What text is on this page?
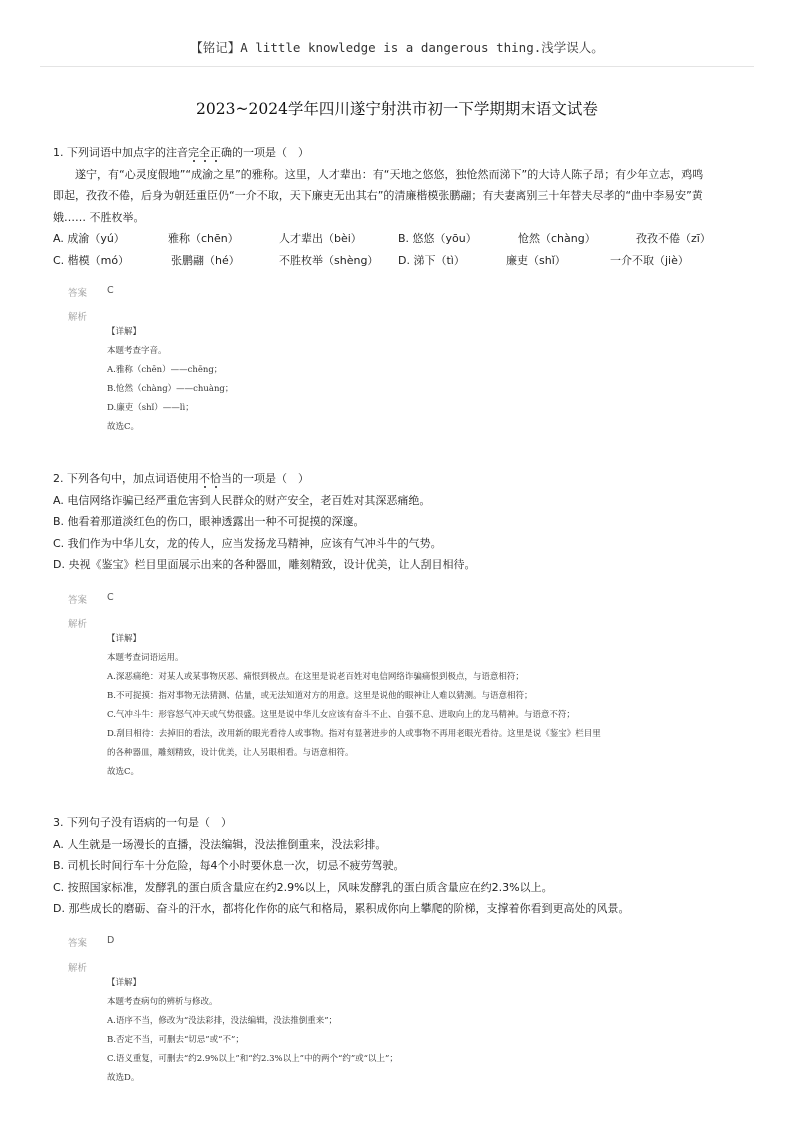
【铭记】A little knowledge is a dangerous thing.浅学误人。
2023~2024学年四川遂宁射洪市初一下学期期末语文试卷

1. 下列词语中加点字的注音完全正确的一项是（　）

遂宁，有“心灵度假地”“成渝之星”的雅称。这里，人才辈出：有“天地之悠悠，独怆然而涕下”的大诗人陈子昂；有少年立志，鸡鸣

即起，孜孜不倦，后身为朝廷重臣仍“一介不取，天下廉吏无出其右”的清廉楷模张鹏翮；有夫妻离别三十年替夫尽孝的“曲中李易安”黄

娥…… 不胜枚举。

A. 成渝（yú）	雅称（chēn）	人才辈出（bèi）	B. 悠悠（yōu）	怆然（chàng）	孜孜不倦（zī）
C. 楷模（mó）	张鹏翮（hé）	不胜枚举（shèng）	D. 涕下（tì）	廉吏（shǐ）	一介不取（jiè）
答案 C
解析

【详解】

本题考查字音。

A.雅称（chēn）——chēng；

B.怆然（chàng）——chuàng；

D.廉吏（shǐ）——lì；

故选C。

2. 下列各句中，加点词语使用不恰当的一项是（　）

A. 电信网络诈骗已经严重危害到人民群众的财产安全，老百姓对其深恶痛绝。

B. 他看着那道淡红色的伤口，眼神透露出一种不可捉摸的深邃。

C. 我们作为中华儿女，龙的传人，应当发扬龙马精神，应该有气冲斗牛的气势。

D. 央视《鉴宝》栏目里面展示出来的各种器皿，雕刻精致，设计优美，让人刮目相待。

答案 C
解析

【详解】

本题考查词语运用。

A.深恶痛绝：对某人或某事物厌恶、痛恨到极点。在这里是说老百姓对电信网络诈骗痛恨到极点，与语意相符；

B.不可捉摸：指对事物无法猜测、估量，或无法知道对方的用意。这里是说他的眼神让人难以猜测。与语意相符；

C.气冲斗牛：形容怒气冲天或气势很盛。这里是说中华儿女应该有奋斗不止、自强不息、进取向上的龙马精神。与语意不符；

D.刮目相待：去掉旧的看法，改用新的眼光看待人或事物。指对有显著进步的人或事物不再用老眼光看待。这里是说《鉴宝》栏目里

的各种器皿，雕刻精致，设计优美，让人另眼相看。与语意相符。

故选C。

3. 下列句子没有语病的一句是（　）

A. 人生就是一场漫长的直播，没法编辑，没法推倒重来，没法彩排。

B. 司机长时间行车十分危险，每4个小时要休息一次，切忌不疲劳驾驶。

C. 按照国家标准，发酵乳的蛋白质含量应在约2.9%以上，风味发酵乳的蛋白质含量应在约2.3%以上。

D. 那些成长的磨砺、奋斗的汗水，都将化作你的底气和格局，累积成你向上攀爬的阶梯，支撑着你看到更高处的风景。

答案 D
解析

【详解】

本题考查病句的辨析与修改。

A.语序不当，修改为“没法彩排，没法编辑，没法推倒重来”；

B.否定不当，可删去“切忌”或“不”；

C.语义重复，可删去“约2.9%以上”和“约2.3%以上”中的两个“约”或“以上”；

故选D。
